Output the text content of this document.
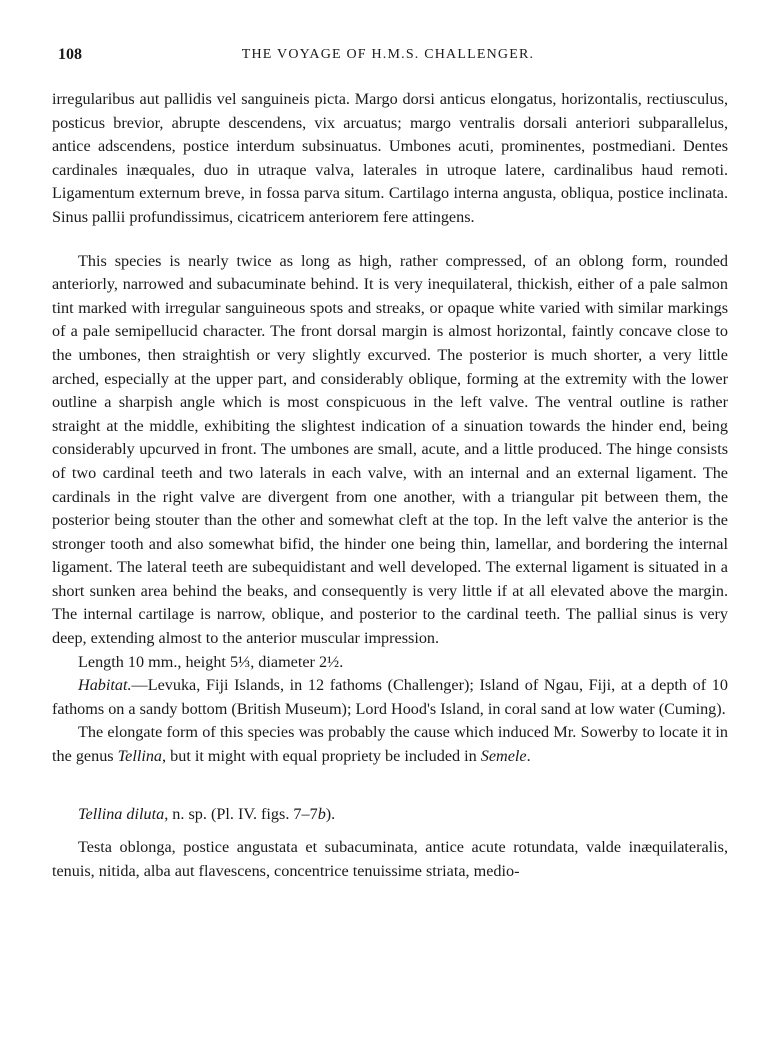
108	THE VOYAGE OF H.M.S. CHALLENGER.

irregularibus aut pallidis vel sanguineis picta. Margo dorsi anticus elongatus, horizontalis, rectiusculus, posticus brevior, abrupte descendens, vix arcuatus; margo ventralis dorsali anteriori subparallelus, antice adscendens, postice interdum subsinuatus. Umbones acuti, prominentes, postmediani. Dentes cardinales inæquales, duo in utraque valva, laterales in utroque latere, cardinalibus haud remoti. Ligamentum externum breve, in fossa parva situm. Cartilago interna angusta, obliqua, postice inclinata. Sinus pallii profundissimus, cicatricem anteriorem fere attingens.

This species is nearly twice as long as high, rather compressed, of an oblong form, rounded anteriorly, narrowed and subacuminate behind. It is very inequilateral, thickish, either of a pale salmon tint marked with irregular sanguineous spots and streaks, or opaque white varied with similar markings of a pale semipellucid character. The front dorsal margin is almost horizontal, faintly concave close to the umbones, then straightish or very slightly excurved. The posterior is much shorter, a very little arched, especially at the upper part, and considerably oblique, forming at the extremity with the lower outline a sharpish angle which is most conspicuous in the left valve. The ventral outline is rather straight at the middle, exhibiting the slightest indication of a sinuation towards the hinder end, being considerably upcurved in front. The umbones are small, acute, and a little produced. The hinge consists of two cardinal teeth and two laterals in each valve, with an internal and an external ligament. The cardinals in the right valve are divergent from one another, with a triangular pit between them, the posterior being stouter than the other and somewhat cleft at the top. In the left valve the anterior is the stronger tooth and also somewhat bifid, the hinder one being thin, lamellar, and bordering the internal ligament. The lateral teeth are subequidistant and well developed. The external ligament is situated in a short sunken area behind the beaks, and consequently is very little if at all elevated above the margin. The internal cartilage is narrow, oblique, and posterior to the cardinal teeth. The pallial sinus is very deep, extending almost to the anterior muscular impression.

Length 10 mm., height 5⅓, diameter 2½.

Habitat.—Levuka, Fiji Islands, in 12 fathoms (Challenger); Island of Ngau, Fiji, at a depth of 10 fathoms on a sandy bottom (British Museum); Lord Hood's Island, in coral sand at low water (Cuming).

The elongate form of this species was probably the cause which induced Mr. Sowerby to locate it in the genus Tellina, but it might with equal propriety be included in Semele.

Tellina diluta, n. sp. (Pl. IV. figs. 7–7b).

Testa oblonga, postice angustata et subacuminata, antice acute rotundata, valde inæquilateralis, tenuis, nitida, alba aut flavescens, concentrice tenuissime striata, medio-
